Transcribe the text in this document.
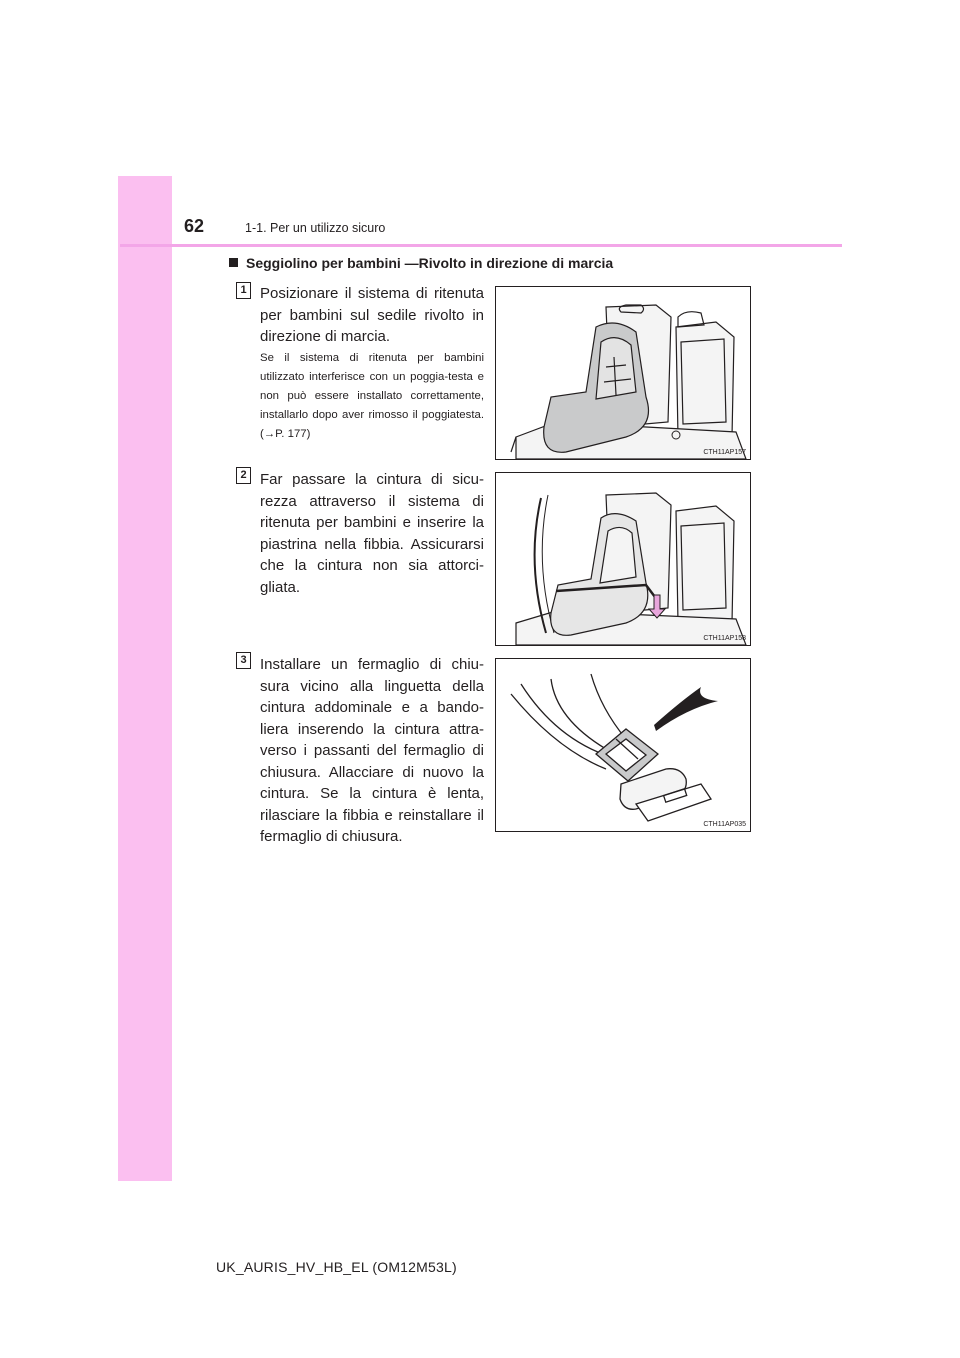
62	1-1. Per un utilizzo sicuro
Seggiolino per bambini —Rivolto in direzione di marcia
1 Posizionare il sistema di ritenuta per bambini sul sedile rivolto in direzione di marcia.
Se il sistema di ritenuta per bambini utilizzato interferisce con un poggia-testa e non può essere installato correttamente, installarlo dopo aver rimosso il poggiatesta. (→P. 177)
CTH11AP157
2 Far passare la cintura di sicu-rezza attraverso il sistema di ritenuta per bambini e inserire la piastrina nella fibbia. Assicurarsi che la cintura non sia attorci-gliata.
CTH11AP158
3 Installare un fermaglio di chiu-sura vicino alla linguetta della cintura addominale e a bando-liera inserendo la cintura attra-verso i passanti del fermaglio di chiusura. Allacciare di nuovo la cintura. Se la cintura è lenta, rilasciare la fibbia e reinstallare il fermaglio di chiusura.
CTH11AP035
UK_AURIS_HV_HB_EL (OM12M53L)
